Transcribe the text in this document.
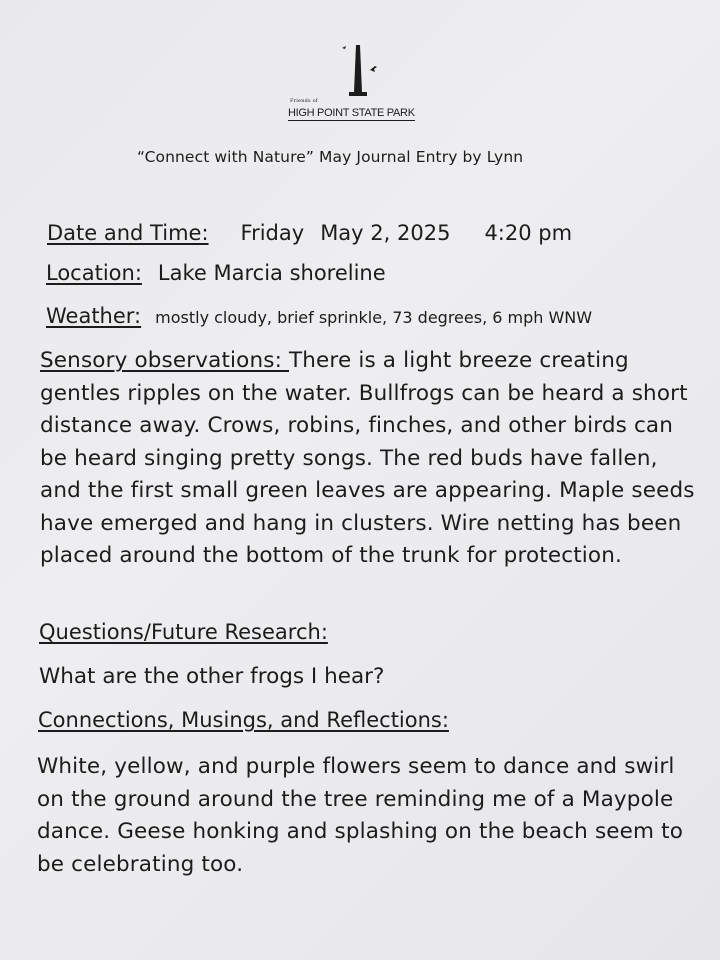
Friends of
HIGH POINT STATE PARK
“Connect with Nature” May Journal Entry by Lynn
Date and Time: Friday May 2, 2025 4:20 pm
Location: Lake Marcia shoreline
Weather: mostly cloudy, brief sprinkle, 73 degrees, 6 mph WNW
Sensory observations: There is a light breeze creating gentles ripples on the water. Bullfrogs can be heard a short distance away. Crows, robins, finches, and other birds can be heard singing pretty songs. The red buds have fallen, and the first small green leaves are appearing. Maple seeds have emerged and hang in clusters. Wire netting has been placed around the bottom of the trunk for protection.
Questions/Future Research:
What are the other frogs I hear?
Connections, Musings, and Reflections:
White, yellow, and purple flowers seem to dance and swirl on the ground around the tree reminding me of a Maypole dance. Geese honking and splashing on the beach seem to be celebrating too.
